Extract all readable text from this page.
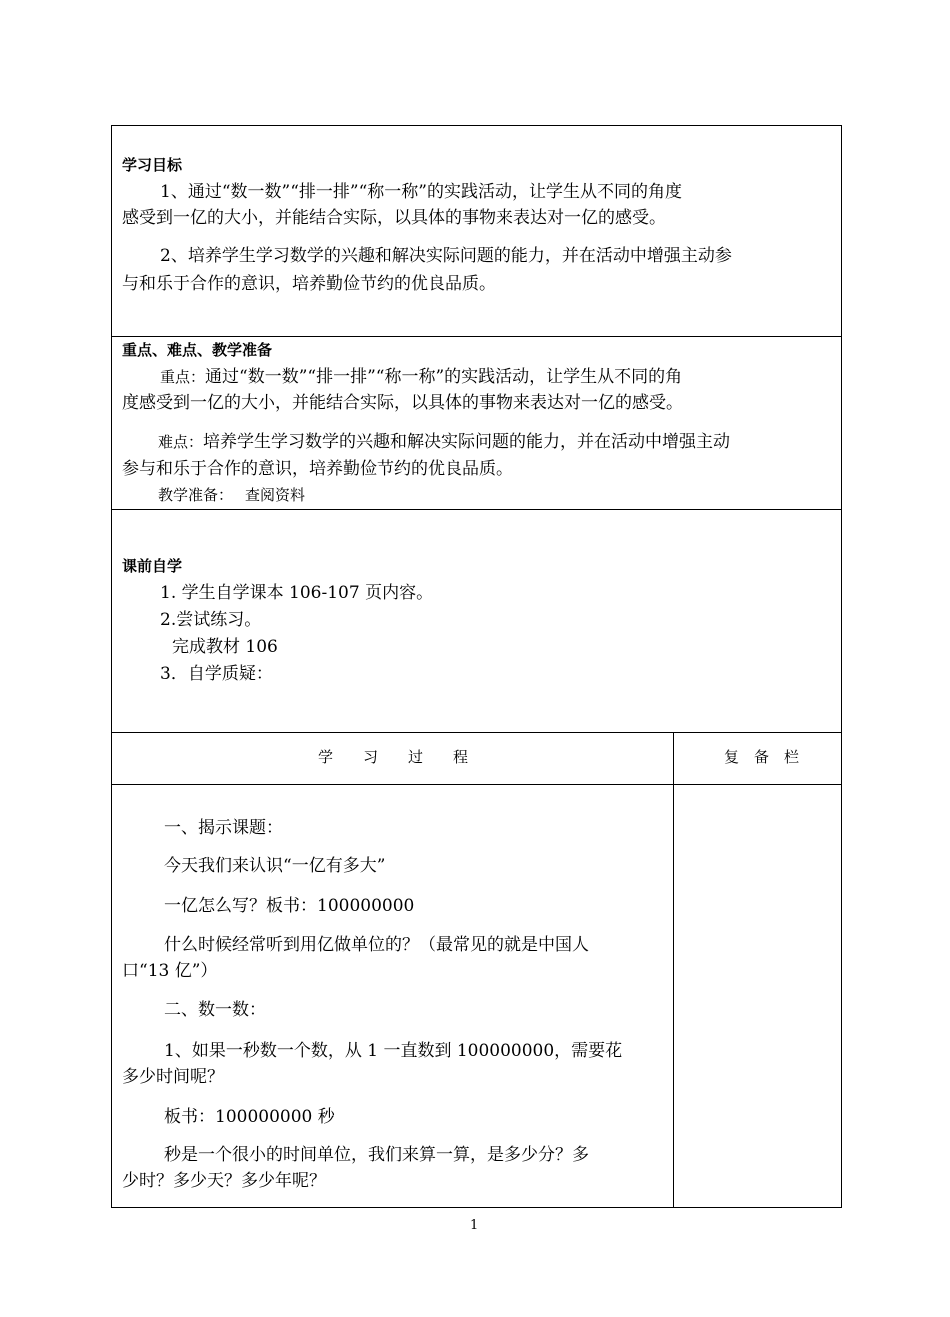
学习目标
1、通过“数一数”“排一排”“称一称”的实践活动，让学生从不同的角度
感受到一亿的大小，并能结合实际，以具体的事物来表达对一亿的感受。
2、培养学生学习数学的兴趣和解决实际问题的能力，并在活动中增强主动参
与和乐于合作的意识，培养勤俭节约的优良品质。
重点、难点、教学准备
重点：通过“数一数”“排一排”“称一称”的实践活动，让学生从不同的角
度感受到一亿的大小，并能结合实际，以具体的事物来表达对一亿的感受。
难点：培养学生学习数学的兴趣和解决实际问题的能力，并在活动中增强主动
参与和乐于合作的意识，培养勤俭节约的优良品质。
教学准备： 查阅资料
课前自学
1. 学生自学课本 106-107 页内容。
2.尝试练习。
完成教材 106
3．自学质疑：
学　　习　　过　　程	复　备　栏
一、揭示课题：
今天我们来认识“一亿有多大”
一亿怎么写？板书：100000000
什么时候经常听到用亿做单位的？（最常见的就是中国人
口“13 亿”）
二、数一数：
1、如果一秒数一个数，从 1 一直数到 100000000，需要花
多少时间呢？
板书：100000000 秒
秒是一个很小的时间单位，我们来算一算，是多少分？多
少时？多少天？多少年呢？
1
